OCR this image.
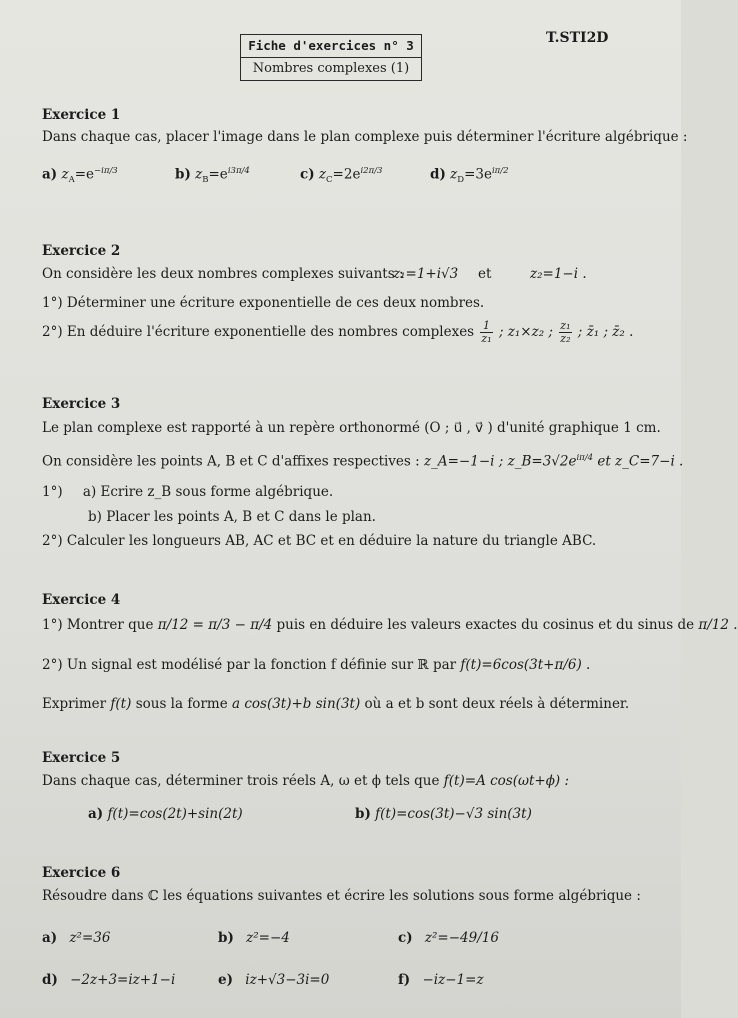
Fiche d'exercices n° 3
Nombres complexes (1)
T.STI2D
Exercice 1
Dans chaque cas, placer l'image dans le plan complexe puis déterminer l'écriture algébrique :
a) $z_A=e^{-i\pi/3}$	b) $z_B=e^{i3\pi/4}$	c) $z_C=2e^{i2\pi/3}$	d) $z_D=3e^{i\pi/2}$
Exercice 2
On considère les deux nombres complexes suivants :
z₁=1+i√3 et	z₂=1−i .
1°) Déterminer une écriture exponentielle de ces deux nombres.
2°) En déduire l'écriture exponentielle des nombres complexes $\frac{1}{\text{z₁}}$ ; z₁×z₂ ; $\frac{\text{z₁}}{\text{z₂}}$ ; z̄₁ ; z̄₂ .
Exercice 3
Le plan complexe est rapporté à un repère orthonormé (O ; u⃗ , v⃗ ) d'unité graphique 1 cm.
On considère les points A, B et C d'affixes respectives : z_A=−1−i ; $z\_B=3√2e^{i\pi/4}$ et z_C=7−i .
1°) a) Ecrire z_B sous forme algébrique.
b) Placer les points A, B et C dans le plan.
2°) Calculer les longueurs AB, AC et BC et en déduire la nature du triangle ABC.
Exercice 4
1°) Montrer que π/12 = π/3 − π/4 puis en déduire les valeurs exactes du cosinus et du sinus de π/12 .
2°) Un signal est modélisé par la fonction f définie sur ℝ par f(t)=6cos(3t+π/6) .
Exprimer f(t) sous la forme a cos(3t)+b sin(3t) où a et b sont deux réels à déterminer.
Exercice 5
Dans chaque cas, déterminer trois réels A, ω et ϕ tels que f(t)=A cos(ωt+ϕ) :
a) f(t)=cos(2t)+sin(2t)	b) f(t)=cos(3t)−√3 sin(3t)
Exercice 6
Résoudre dans ℂ les équations suivantes et écrire les solutions sous forme algébrique :
a) z²=36	b) z²=−4	c) z²=−49/16
d) −2z+3=iz+1−i	e) iz+√3−3i=0	f) −iz−1=z
